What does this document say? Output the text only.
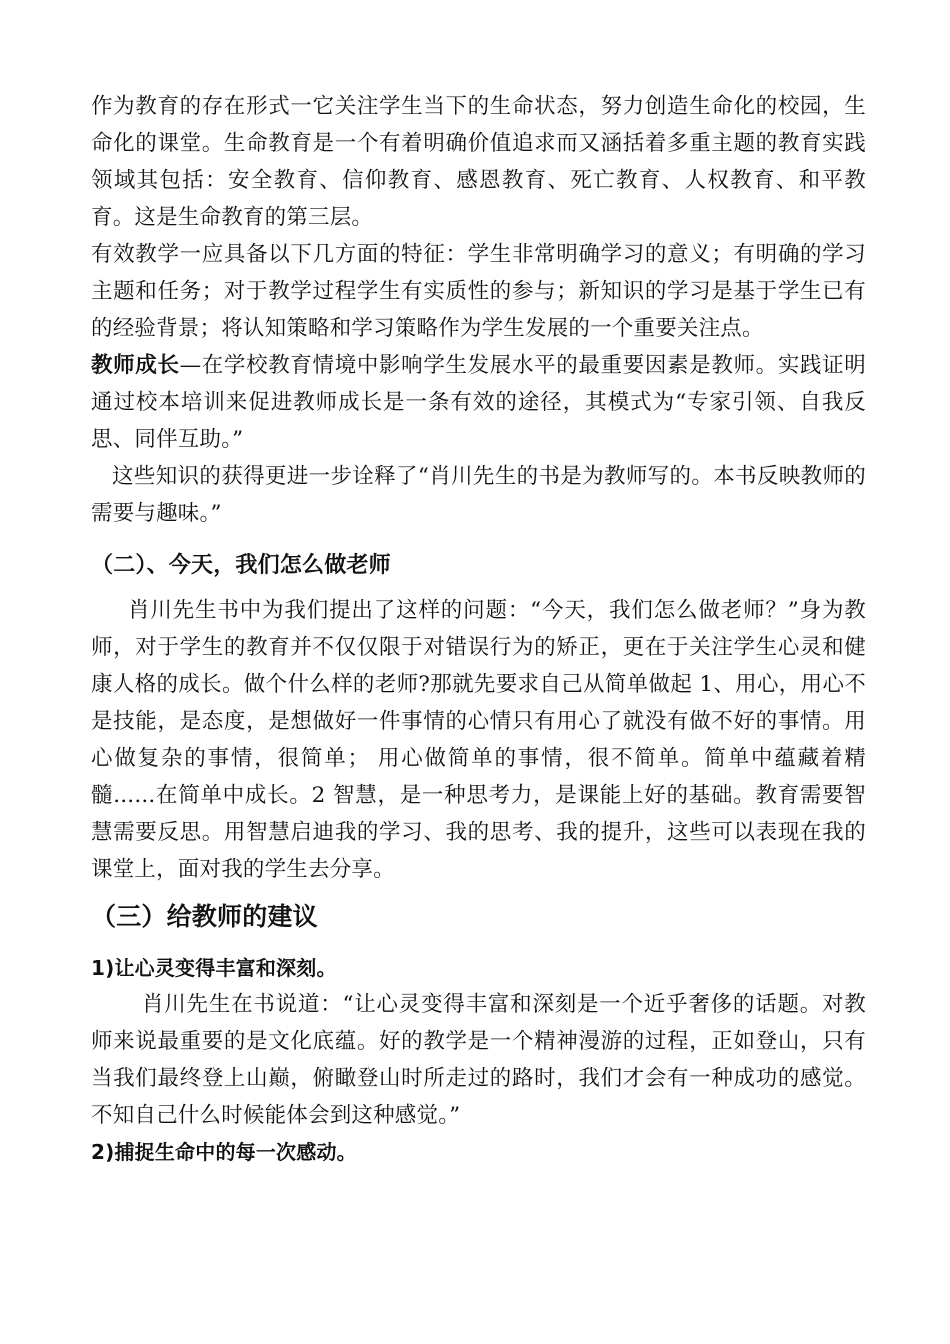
作为教育的存在形式一它关注学生当下的生命状态，努力创造生命化的校园，生命化的课堂。生命教育是一个有着明确价值追求而又涵括着多重主题的教育实践领域其包括：安全教育、信仰教育、感恩教育、死亡教育、人权教育、和平教育。这是生命教育的第三层。

有效教学一应具备以下几方面的特征：学生非常明确学习的意义；有明确的学习主题和任务；对于教学过程学生有实质性的参与；新知识的学习是基于学生已有的经验背景；将认知策略和学习策略作为学生发展的一个重要关注点。

教师成长—在学校教育情境中影响学生发展水平的最重要因素是教师。实践证明通过校本培训来促进教师成长是一条有效的途径，其模式为“专家引领、自我反思、同伴互助。”

这些知识的获得更进一步诠释了“肖川先生的书是为教师写的。本书反映教师的需要与趣味。”

（二）、今天，我们怎么做老师

肖川先生书中为我们提出了这样的问题：“今天，我们怎么做老师？”身为教师，对于学生的教育并不仅仅限于对错误行为的矫正，更在于关注学生心灵和健康人格的成长。做个什么样的老师?那就先要求自己从简单做起 1、用心，用心不是技能，是态度，是想做好一件事情的心情只有用心了就没有做不好的事情。用心做复杂的事情，很简单； 用心做简单的事情，很不简单。简单中蕴藏着精髓......在简单中成长。2 智慧，是一种思考力，是课能上好的基础。教育需要智慧需要反思。用智慧启迪我的学习、我的思考、我的提升，这些可以表现在我的课堂上，面对我的学生去分享。

（三）给教师的建议

1)让心灵变得丰富和深刻。

肖川先生在书说道：“让心灵变得丰富和深刻是一个近乎奢侈的话题。对教师来说最重要的是文化底蕴。好的教学是一个精神漫游的过程，正如登山，只有当我们最终登上山巅，俯瞰登山时所走过的路时，我们才会有一种成功的感觉。不知自己什么时候能体会到这种感觉。”

2)捕捉生命中的每一次感动。
